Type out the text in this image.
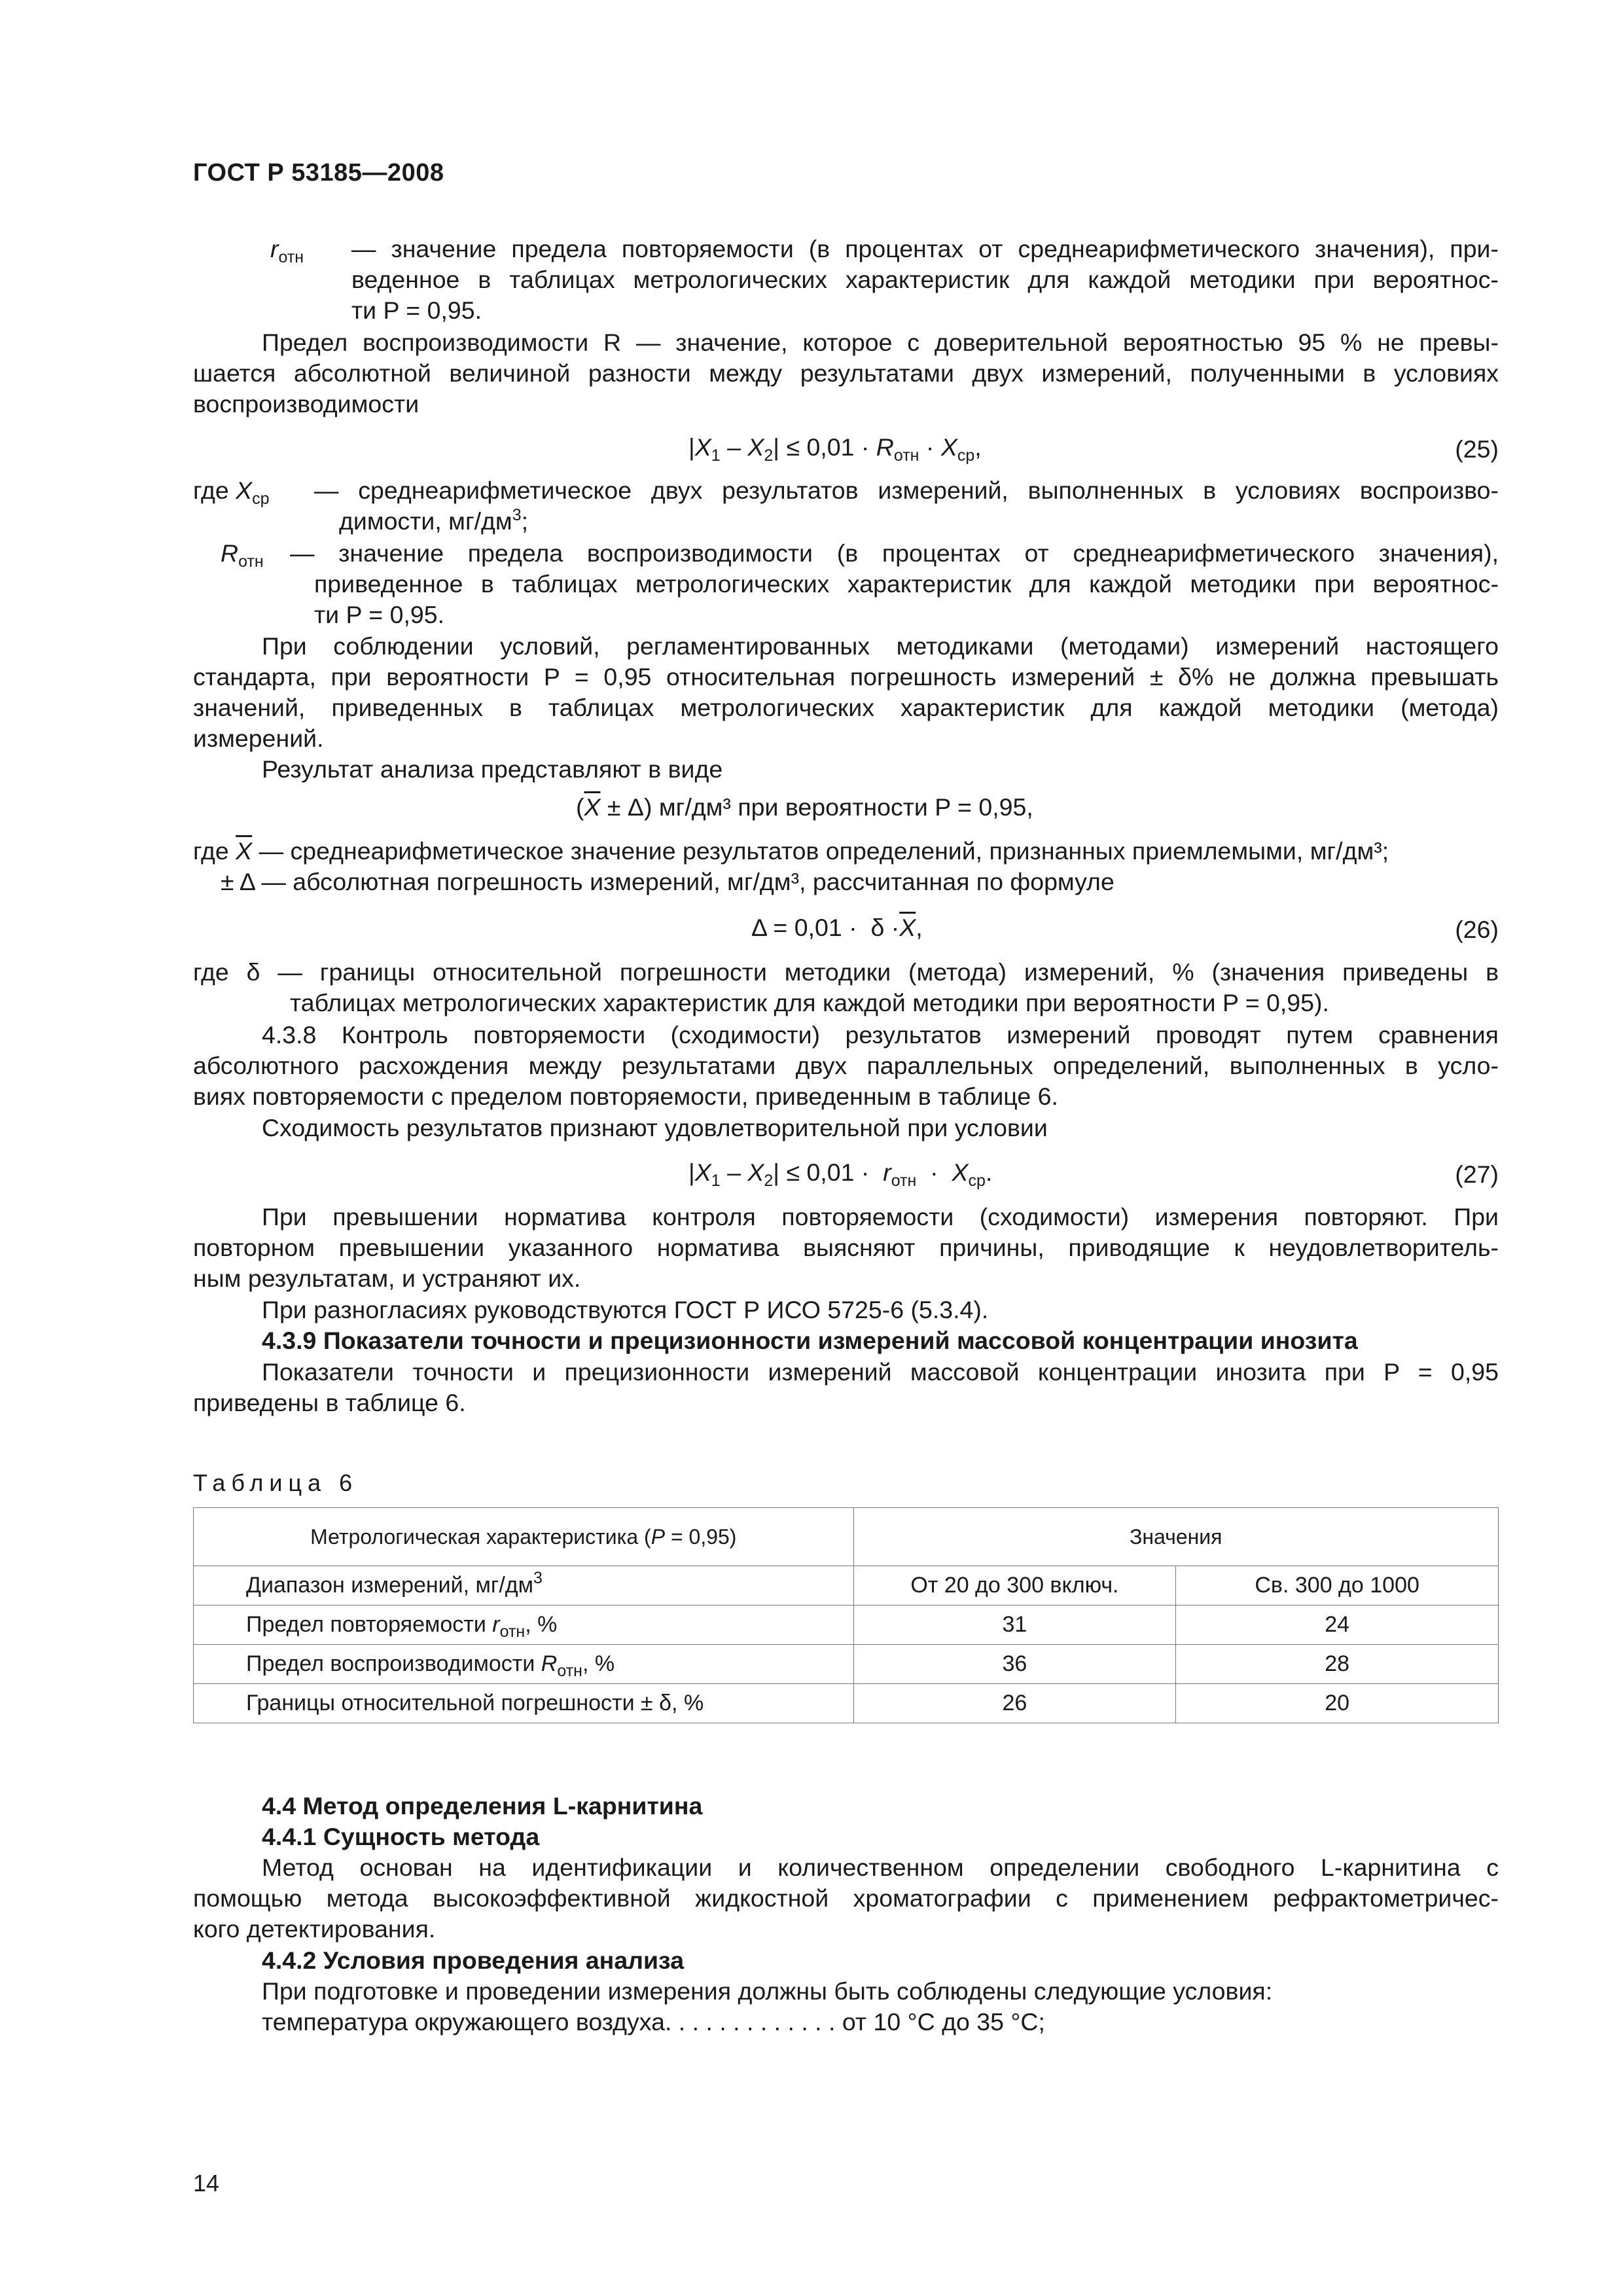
ГОСТ Р 53185—2008
$r_{отн}$ — значение предела повторяемости (в процентах от среднеарифметического значения), при-
веденное в таблицах метрологических характеристик для каждой методики при вероятнос-
ти P = 0,95.
Предел воспроизводимости R — значение, которое с доверительной вероятностью 95 % не превы-
шается абсолютной величиной разности между результатами двух измерений, полученными в условиях
воспроизводимости
$|X_1 - X_2| \le 0,01 \cdot R_{отн} \cdot X_{ср}$,	(25)
где $X_{ср}$ — среднеарифметическое двух результатов измерений, выполненных в условиях воспроизво-
димости, $мг/дм^3$;
$R_{отн}$ — значение предела воспроизводимости (в процентах от среднеарифметического значения),
приведенное в таблицах метрологических характеристик для каждой методики при вероятнос-
ти P = 0,95.
При соблюдении условий, регламентированных методиками (методами) измерений настоящего
стандарта, при вероятности P = 0,95 относительная погрешность измерений ± δ% не должна превышать
значений, приведенных в таблицах метрологических характеристик для каждой методики (метода)
измерений.
Результат анализа представляют в виде
$(\overline{X} \pm \Delta)$ мг/дм³ при вероятности P = 0,95,
где $\overline{X}$ — среднеарифметическое значение результатов определений, признанных приемлемыми, мг/дм³;
± Δ — абсолютная погрешность измерений, мг/дм³, рассчитанная по формуле
$\Delta = 0,01 \cdot \delta \cdot\overline{X}$,	(26)
где δ — границы относительной погрешности методики (метода) измерений, % (значения приведены в
таблицах метрологических характеристик для каждой методики при вероятности P = 0,95).
4.3.8 Контроль повторяемости (сходимости) результатов измерений проводят путем сравнения
абсолютного расхождения между результатами двух параллельных определений, выполненных в усло-
виях повторяемости с пределом повторяемости, приведенным в таблице 6.
Сходимость результатов признают удовлетворительной при условии
$|X_1 - X_2| \le 0,01 \cdot r_{отн} \cdot X_{ср}$.	(27)
При превышении норматива контроля повторяемости (сходимости) измерения повторяют. При
повторном превышении указанного норматива выясняют причины, приводящие к неудовлетворитель-
ным результатам, и устраняют их.
При разногласиях руководствуются ГОСТ Р ИСО 5725-6 (5.3.4).
4.3.9 Показатели точности и прецизионности измерений массовой концентрации инозита
Показатели точности и прецизионности измерений массовой концентрации инозита при P = 0,95
приведены в таблице 6.
Таблица 6
Метрологическая характеристика (P = 0,95)	Значения	
Диапазон измерений, $мг/дм^3$	От 20 до 300 включ.	Св. 300 до 1000
Предел повторяемости $r_{отн}$, %	31	24
Предел воспроизводимости $R_{отн}$, %	36	28
Границы относительной погрешности ± δ, %	26	20
4.4 Метод определения L-карнитина
4.4.1 Сущность метода
Метод основан на идентификации и количественном определении свободного L-карнитина с
помощью метода высокоэффективной жидкостной хроматографии с применением рефрактометричес-
кого детектирования.
4.4.2 Условия проведения анализа
При подготовке и проведении измерения должны быть соблюдены следующие условия:
температура окружающего воздуха. . . . . . . . . . . . . от 10 °С до 35 °С;
14
